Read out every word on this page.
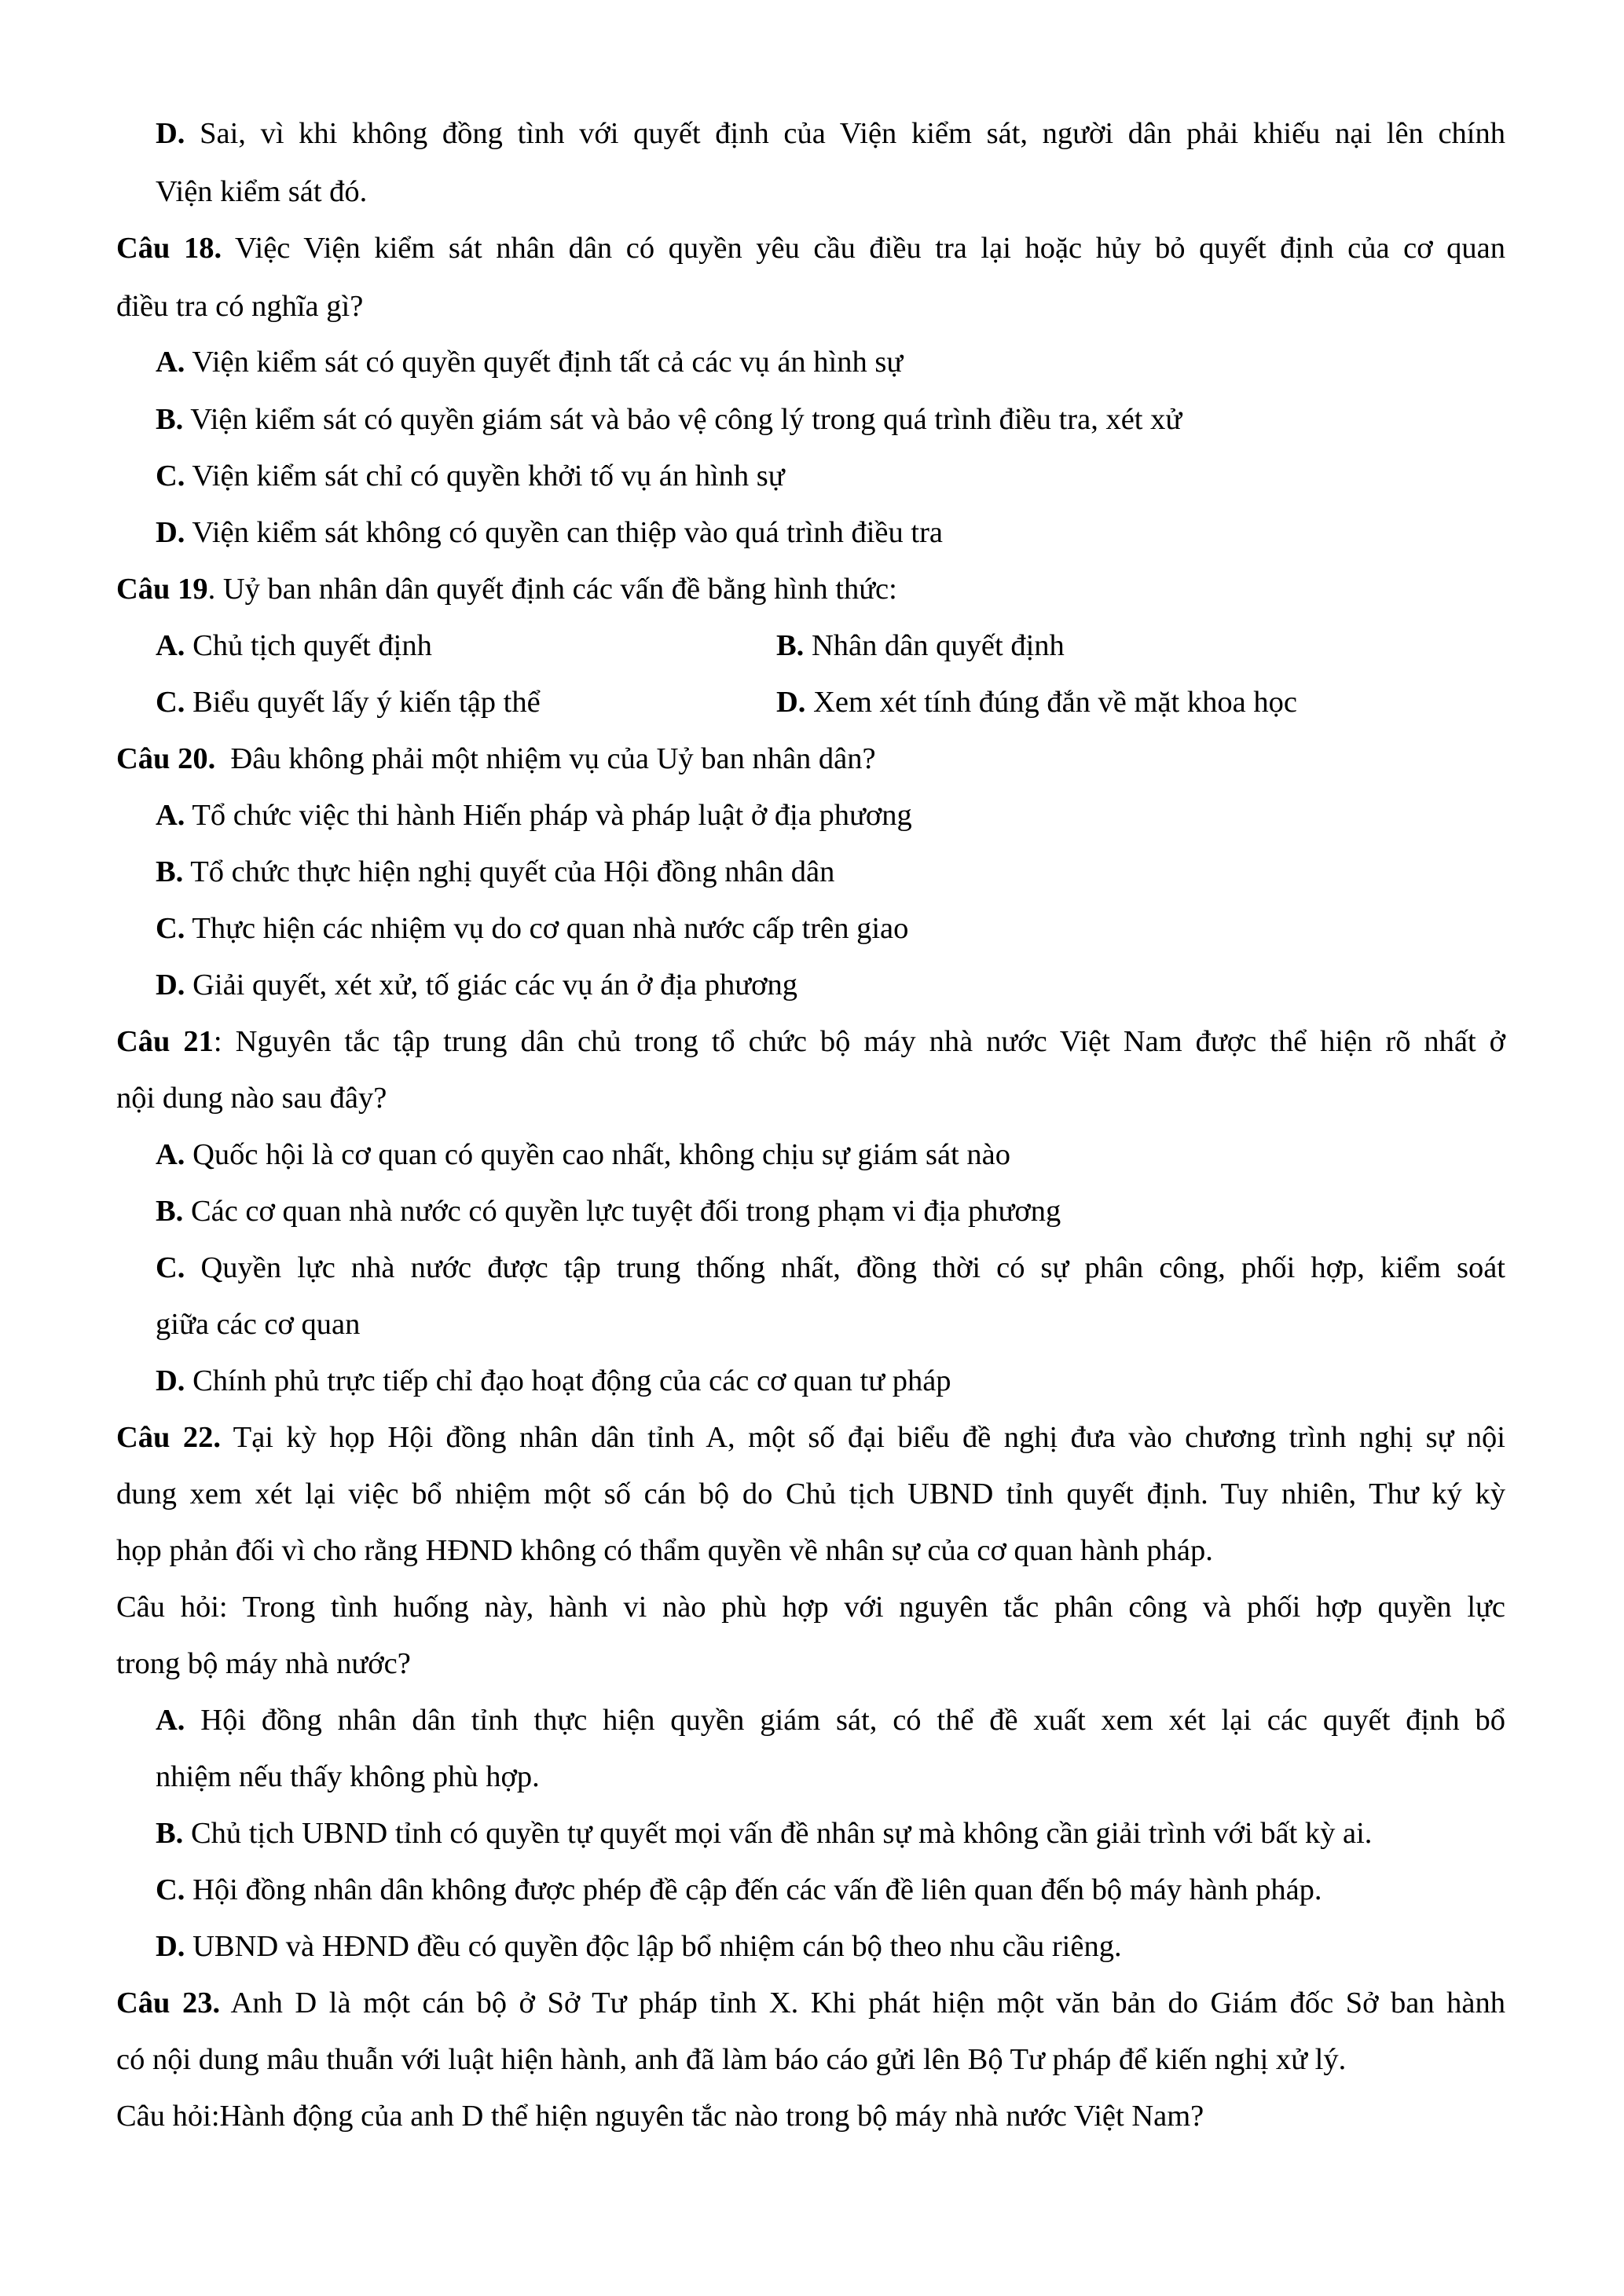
D. Sai, vì khi không đồng tình với quyết định của Viện kiểm sát, người dân phải khiếu nại lên chính
Viện kiểm sát đó.
Câu 18. Việc Viện kiểm sát nhân dân có quyền yêu cầu điều tra lại hoặc hủy bỏ quyết định của cơ quan
điều tra có nghĩa gì?
A. Viện kiểm sát có quyền quyết định tất cả các vụ án hình sự
B. Viện kiểm sát có quyền giám sát và bảo vệ công lý trong quá trình điều tra, xét xử
C. Viện kiểm sát chỉ có quyền khởi tố vụ án hình sự
D. Viện kiểm sát không có quyền can thiệp vào quá trình điều tra
Câu 19. Uỷ ban nhân dân quyết định các vấn đề bằng hình thức:
A. Chủ tịch quyết định	B. Nhân dân quyết định
C. Biểu quyết lấy ý kiến tập thể	D. Xem xét tính đúng đắn về mặt khoa học
Câu 20.  Đâu không phải một nhiệm vụ của Uỷ ban nhân dân?
A. Tổ chức việc thi hành Hiến pháp và pháp luật ở địa phương
B. Tổ chức thực hiện nghị quyết của Hội đồng nhân dân
C. Thực hiện các nhiệm vụ do cơ quan nhà nước cấp trên giao
D. Giải quyết, xét xử, tố giác các vụ án ở địa phương
Câu 21: Nguyên tắc tập trung dân chủ trong tổ chức bộ máy nhà nước Việt Nam được thể hiện rõ nhất ở
nội dung nào sau đây?
A. Quốc hội là cơ quan có quyền cao nhất, không chịu sự giám sát nào
B. Các cơ quan nhà nước có quyền lực tuyệt đối trong phạm vi địa phương
C. Quyền lực nhà nước được tập trung thống nhất, đồng thời có sự phân công, phối hợp, kiểm soát
giữa các cơ quan
D. Chính phủ trực tiếp chỉ đạo hoạt động của các cơ quan tư pháp
Câu 22. Tại kỳ họp Hội đồng nhân dân tỉnh A, một số đại biểu đề nghị đưa vào chương trình nghị sự nội
dung xem xét lại việc bổ nhiệm một số cán bộ do Chủ tịch UBND tỉnh quyết định. Tuy nhiên, Thư ký kỳ
họp phản đối vì cho rằng HĐND không có thẩm quyền về nhân sự của cơ quan hành pháp.
Câu hỏi: Trong tình huống này, hành vi nào phù hợp với nguyên tắc phân công và phối hợp quyền lực
trong bộ máy nhà nước?
A. Hội đồng nhân dân tỉnh thực hiện quyền giám sát, có thể đề xuất xem xét lại các quyết định bổ
nhiệm nếu thấy không phù hợp.
B. Chủ tịch UBND tỉnh có quyền tự quyết mọi vấn đề nhân sự mà không cần giải trình với bất kỳ ai.
C. Hội đồng nhân dân không được phép đề cập đến các vấn đề liên quan đến bộ máy hành pháp.
D. UBND và HĐND đều có quyền độc lập bổ nhiệm cán bộ theo nhu cầu riêng.
Câu 23. Anh D là một cán bộ ở Sở Tư pháp tỉnh X. Khi phát hiện một văn bản do Giám đốc Sở ban hành
có nội dung mâu thuẫn với luật hiện hành, anh đã làm báo cáo gửi lên Bộ Tư pháp để kiến nghị xử lý.
Câu hỏi:Hành động của anh D thể hiện nguyên tắc nào trong bộ máy nhà nước Việt Nam?
